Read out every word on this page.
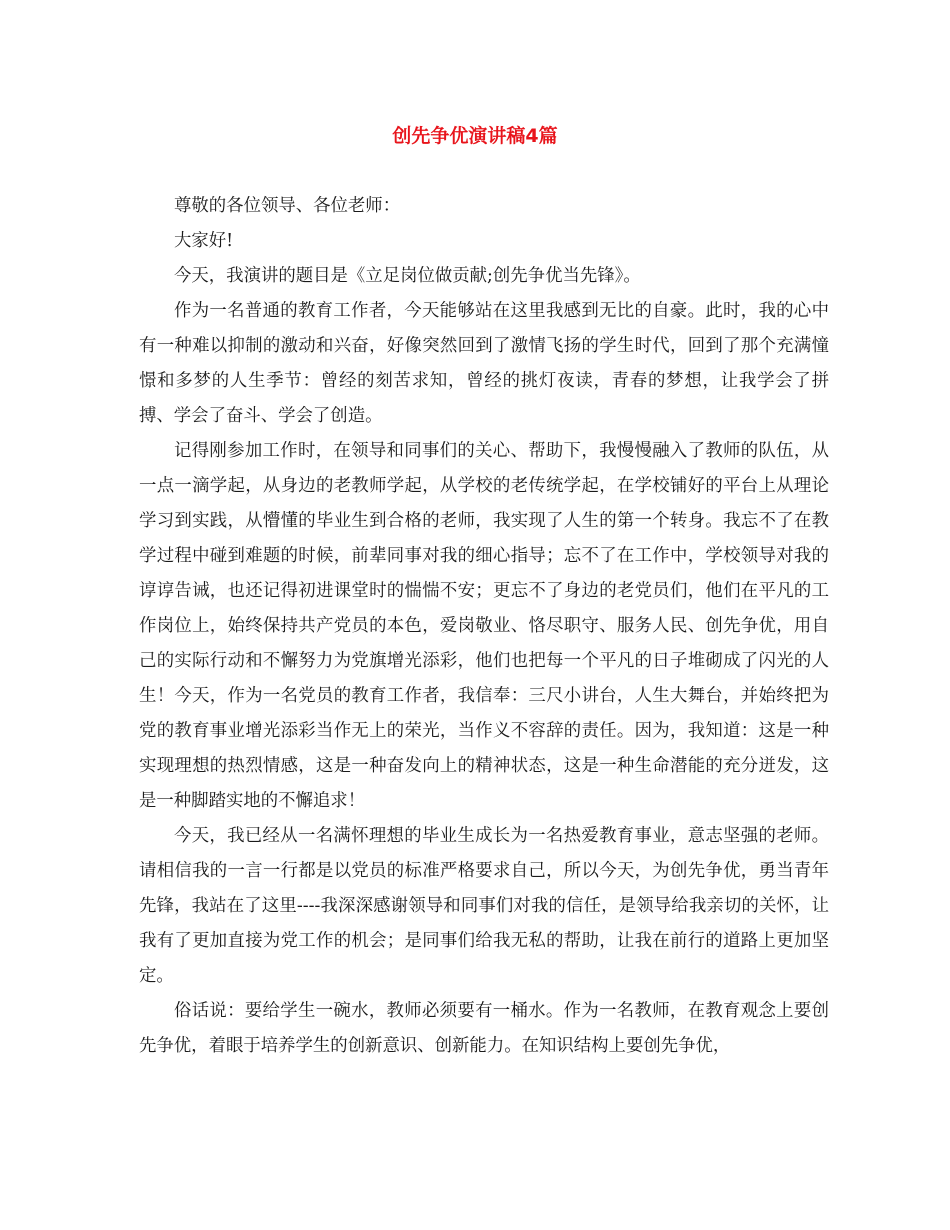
创先争优演讲稿4篇

尊敬的各位领导、各位老师：

大家好!

今天，我演讲的题目是《立足岗位做贡献;创先争优当先锋》。

作为一名普通的教育工作者，今天能够站在这里我感到无比的自豪。此时，我的心中有一种难以抑制的激动和兴奋，好像突然回到了激情飞扬的学生时代，回到了那个充满憧憬和多梦的人生季节：曾经的刻苦求知，曾经的挑灯夜读，青春的梦想，让我学会了拼搏、学会了奋斗、学会了创造。

记得刚参加工作时，在领导和同事们的关心、帮助下，我慢慢融入了教师的队伍，从一点一滴学起，从身边的老教师学起，从学校的老传统学起，在学校铺好的平台上从理论学习到实践，从懵懂的毕业生到合格的老师，我实现了人生的第一个转身。我忘不了在教学过程中碰到难题的时候，前辈同事对我的细心指导；忘不了在工作中，学校领导对我的谆谆告诫，也还记得初进课堂时的惴惴不安；更忘不了身边的老党员们，他们在平凡的工作岗位上，始终保持共产党员的本色，爱岗敬业、恪尽职守、服务人民、创先争优，用自己的实际行动和不懈努力为党旗增光添彩，他们也把每一个平凡的日子堆砌成了闪光的人生！今天，作为一名党员的教育工作者，我信奉：三尺小讲台，人生大舞台，并始终把为党的教育事业增光添彩当作无上的荣光，当作义不容辞的责任。因为，我知道：这是一种实现理想的热烈情感，这是一种奋发向上的精神状态，这是一种生命潜能的充分迸发，这是一种脚踏实地的不懈追求！

今天，我已经从一名满怀理想的毕业生成长为一名热爱教育事业，意志坚强的老师。请相信我的一言一行都是以党员的标准严格要求自己，所以今天，为创先争优，勇当青年先锋，我站在了这里----我深深感谢领导和同事们对我的信任，是领导给我亲切的关怀，让我有了更加直接为党工作的机会；是同事们给我无私的帮助，让我在前行的道路上更加坚定。

俗话说：要给学生一碗水，教师必须要有一桶水。作为一名教师，在教育观念上要创先争优，着眼于培养学生的创新意识、创新能力。在知识结构上要创先争优，
